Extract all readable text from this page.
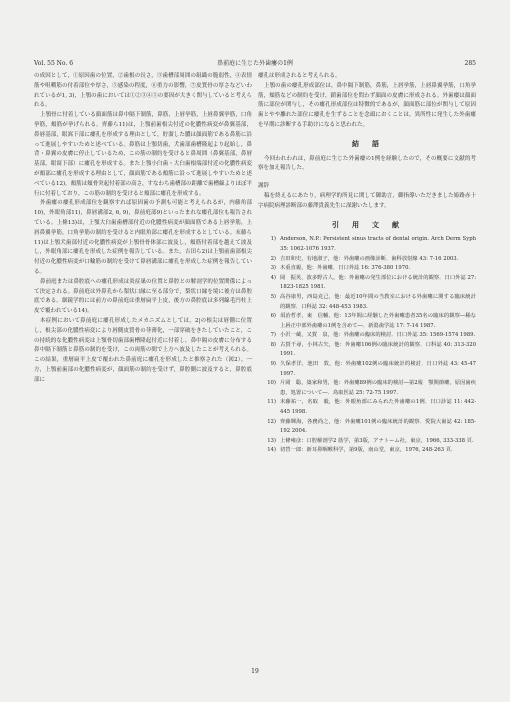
Vol. 55 No. 6	鼻前庭に生じた外歯瘻の1例	285

の成因として，①原因歯の位置，②歯根の長さ，③歯槽部周囲の組織の脆弱性，④表情筋や咀嚼筋の付着部位や厚さ，⑤感染の程度，⑥重力の影響，⑦皮質骨の厚さなどいわれているが1, 3)，上顎の歯においては①②③④⑤の要因が大きく関与していると考えられる。

上顎骨に付着している顔面筋は鼻中隔下制筋，鼻筋，上唇挙筋，上唇鼻翼挙筋，口角挙筋，頬筋が挙げられる。齊藤ら11)は，上顎前歯根尖付近の化膿性病変が鼻翼基部，鼻唇基部，眼窩下部に瘻孔を形成する理由として，貯溜した膿は顔面筋である鼻筋に沿って進展しやすいためと述べている。鼻筋は上顎切歯，犬歯部歯槽隆起より起始し，鼻背・鼻翼の皮膚に停止しているため，この筋の制約を受けると鼻周囲（鼻翼基部，鼻唇基部，眼窩下部）に瘻孔を形成する。また上顎小臼歯・大臼歯根端部付近の化膿性病変が頬部に瘻孔を形成する理由として，顔面筋である頬筋に沿って進展しやすいためと述べている12)。頬筋は頬骨突起付着部の高さ，すなわち歯槽部の距離で歯槽線よりほぼ平行に付着しており，この筋の制約を受けると頬部に瘻孔を形成する。

外歯瘻の瘻孔形成部位を観察すれば原因歯の予測も可能と考えられるが，内藤角部10)，外眼角部11)，鼻唇溝部2, 6, 9)，鼻前庭部9)といったまれな瘻孔部位も報告されている。上條13)は，上顎大臼歯歯槽部付近の化膿性病変が顔面筋である上唇挙筋，上唇鼻翼挙筋，口角挙筋の制約を受けると内眼角部に瘻孔を形成するとしている。末藤ら11)は上顎犬歯部付近の化膿性病変が上顎骨骨体部に波及し，頬筋付着部を越えて波及し，外眼角部に瘻孔を形成した症例を報告している。また，吉田ら2)は上顎前歯部根尖付近の化膿性病変が口輪筋の制約を受けて鼻唇溝部に瘻孔を形成した症例を報告している。

鼻前庭または鼻腔底への瘻孔形成は炎症巣の位置と鼻腔との解剖学的位置関係によって決定される。鼻前庭は外鼻孔から梨状口縁に至る部分で，梨状口縁を境に後方は鼻腔底である。細鏡学的には前方の鼻前庭は重層扁平上皮，後方の鼻腔底は多列線毛円柱上皮で覆われている14)。

本症例において鼻前庭に瘻孔形成したメカニズムとしては，2|の根尖は唇側に位置し，根尖部の化膿性病変により唇側皮質骨の菲薄化，一部穿破をきたしていたこと，この持続的な化膿性病変は上顎骨切歯部歯槽隆起付近に付着し，鼻中隔の皮膚に分布する鼻中隔下制筋と鼻筋の制約を受け，この両筋の間で上方へ波及したことが考えられる。この結果，重層扁平上皮で覆われた鼻前庭に瘻孔を形成したと推察された（図2）。一方，上顎前歯部の化膿性病変が，顔面筋の制約を受けず，鼻腔側に波及すると，鼻腔底部に

瘻孔は形成されると考えられる。

上顎の歯の瘻孔形成部位は，鼻中隔下制筋，鼻筋，上唇挙筋，上唇鼻翼挙筋，口角挙筋，頬筋などの制約を受け，鎖歯部位を問わず顔面の皮膚に形成される。外歯瘻は顔面筋に部位が関与し，その瘻孔形成部位は特徴的であるが，顔面筋に部位が関与して原因歯とやや離れた部位に瘻孔を生ずることを念頭におくことは，異所性に発生した外歯瘻を早期に診断する手助けになると思われた。

結　語

今回われわれは，鼻前庭に生じた外歯瘻の1例を経験したので，その概要に文献的考察を加え報告した。

謝辞

稿を終えるにあたり，病理学的所見に関して御助言，御指導いただきました姫路赤十字病院病理診断部の藤澤貴義先生に深謝いたします。

引　用　文　献
1) Anderson, N.P.: Persistent sinus tracts of dental origin. Arch Derm Syph 35: 1062-1076 1937.
2) 吉田和史，有地淑子，他：外歯瘻の画像診断．歯科放射線 43: 7-16 2003.
3) 木重直親，他：外歯瘻．日口外誌 16: 376-380 1970.
4) 岡　振英，波多野古人，他：外歯瘻の発生部位における統計的観察．日口外誌 27: 1823-1825 1981.
5) 高谷康男，西島克己，他：最近10年間の当教室における外歯瘻に関する臨床統計的観察．口科誌 32: 448-453 1983.
6) 須治哲孝，東　信輔，他：13年間に経験した外歯瘻患者35名の臨床的観察―稀な上唇正中部外歯瘻の1例を含めて―．新潟歯学誌 17: 7-14 1987.
7) 小沢一蔵，又賀　泉，他：外歯瘻の臨床的検討．日口外誌 35: 1569-1574 1989.
8) 古賀千尋，小林古矢，他：外歯瘻106例の臨床統計的観察．口科誌 40: 313-320 1991.
9) 久保孝洋，池田　敦，他：外歯瘻102例の臨床統計的検討．日口外誌 43: 45-47 1997.
10) 片岡　聡，築家和男，他：外歯瘻89例の臨床的検討―第2報　顎関節瘻，原因歯疾患，処置について―．鳥取医誌 25: 72-75 1997.
11) 末藤祐一，名取　毅，他：外眼角部にみられた外歯瘻の1例．日口診誌 11: 442-445 1998.
12) 齊藤輝海，各務尚之，他：外歯瘻101例の臨床統計的観察．愛院大歯誌 42: 185-192 2004.
13) 上條雍彦：口腔解剖学2 筋学，第3版，アナトーム社，東京，1966, 333-338 頁.
14) 切替一郎：新耳鼻咽喉科学，第9版，南山堂，東京，1976, 248-263 頁.
19
